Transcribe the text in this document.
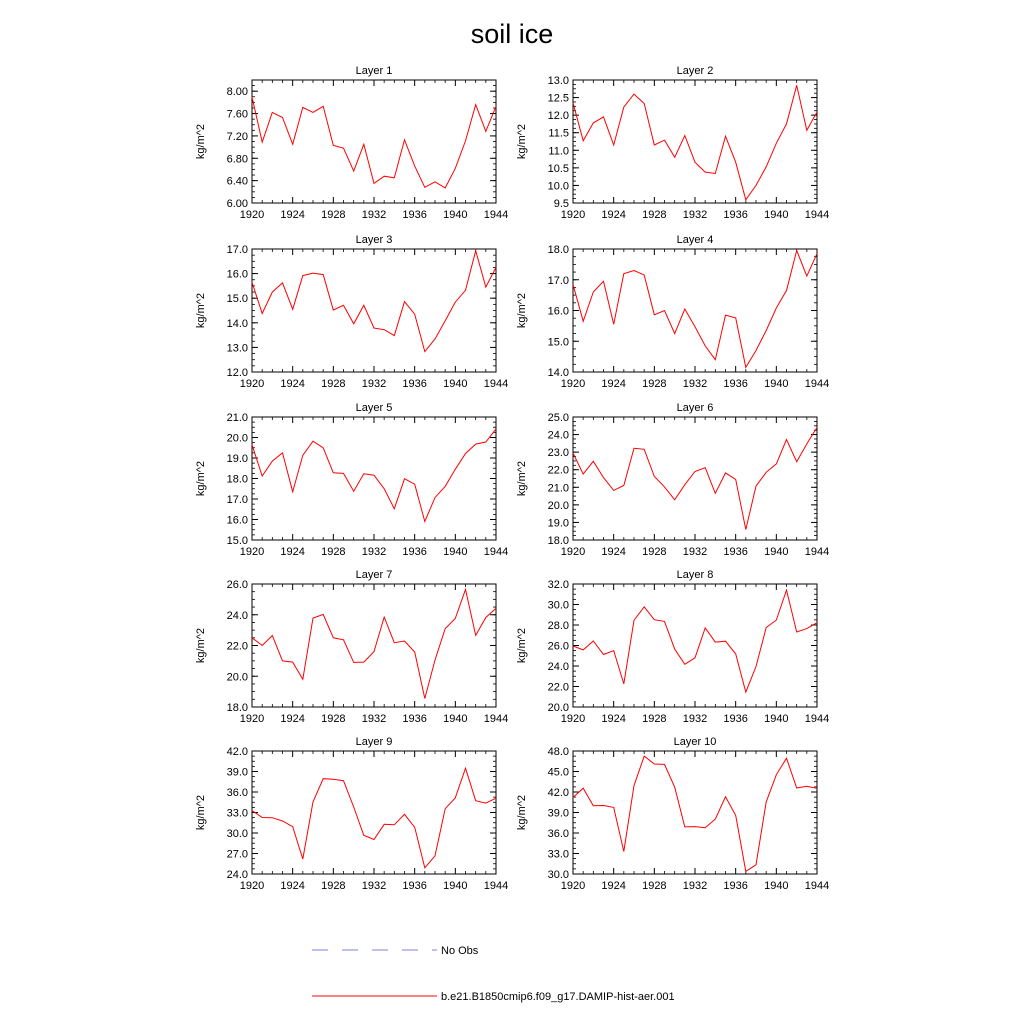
soil ice
Layer 1
1920 1924 1928 1932 1936 1940 1944
6.00
6.40
6.80
7.20
7.60
8.00
kg/m^2
Layer 2
1920 1924 1928 1932 1936 1940 1944
9.5
10.0
10.5
11.0
11.5
12.0
12.5
13.0
kg/m^2
Layer 3
1920 1924 1928 1932 1936 1940 1944
12.0
13.0
14.0
15.0
16.0
17.0
kg/m^2
Layer 4
1920 1924 1928 1932 1936 1940 1944
14.0
15.0
16.0
17.0
18.0
kg/m^2
Layer 5
1920 1924 1928 1932 1936 1940 1944
15.0
16.0
17.0
18.0
19.0
20.0
21.0
kg/m^2
Layer 6
1920 1924 1928 1932 1936 1940 1944
18.0
19.0
20.0
21.0
22.0
23.0
24.0
25.0
kg/m^2
Layer 7
1920 1924 1928 1932 1936 1940 1944
18.0
20.0
22.0
24.0
26.0
kg/m^2
Layer 8
1920 1924 1928 1932 1936 1940 1944
20.0
22.0
24.0
26.0
28.0
30.0
32.0
kg/m^2
Layer 9
1920 1924 1928 1932 1936 1940 1944
24.0
27.0
30.0
33.0
36.0
39.0
42.0
kg/m^2
Layer 10
1920 1924 1928 1932 1936 1940 1944
30.0
33.0
36.0
39.0
42.0
45.0
48.0
kg/m^2
No Obs
b.e21.B1850cmip6.f09_g17.DAMIP-hist-aer.001
